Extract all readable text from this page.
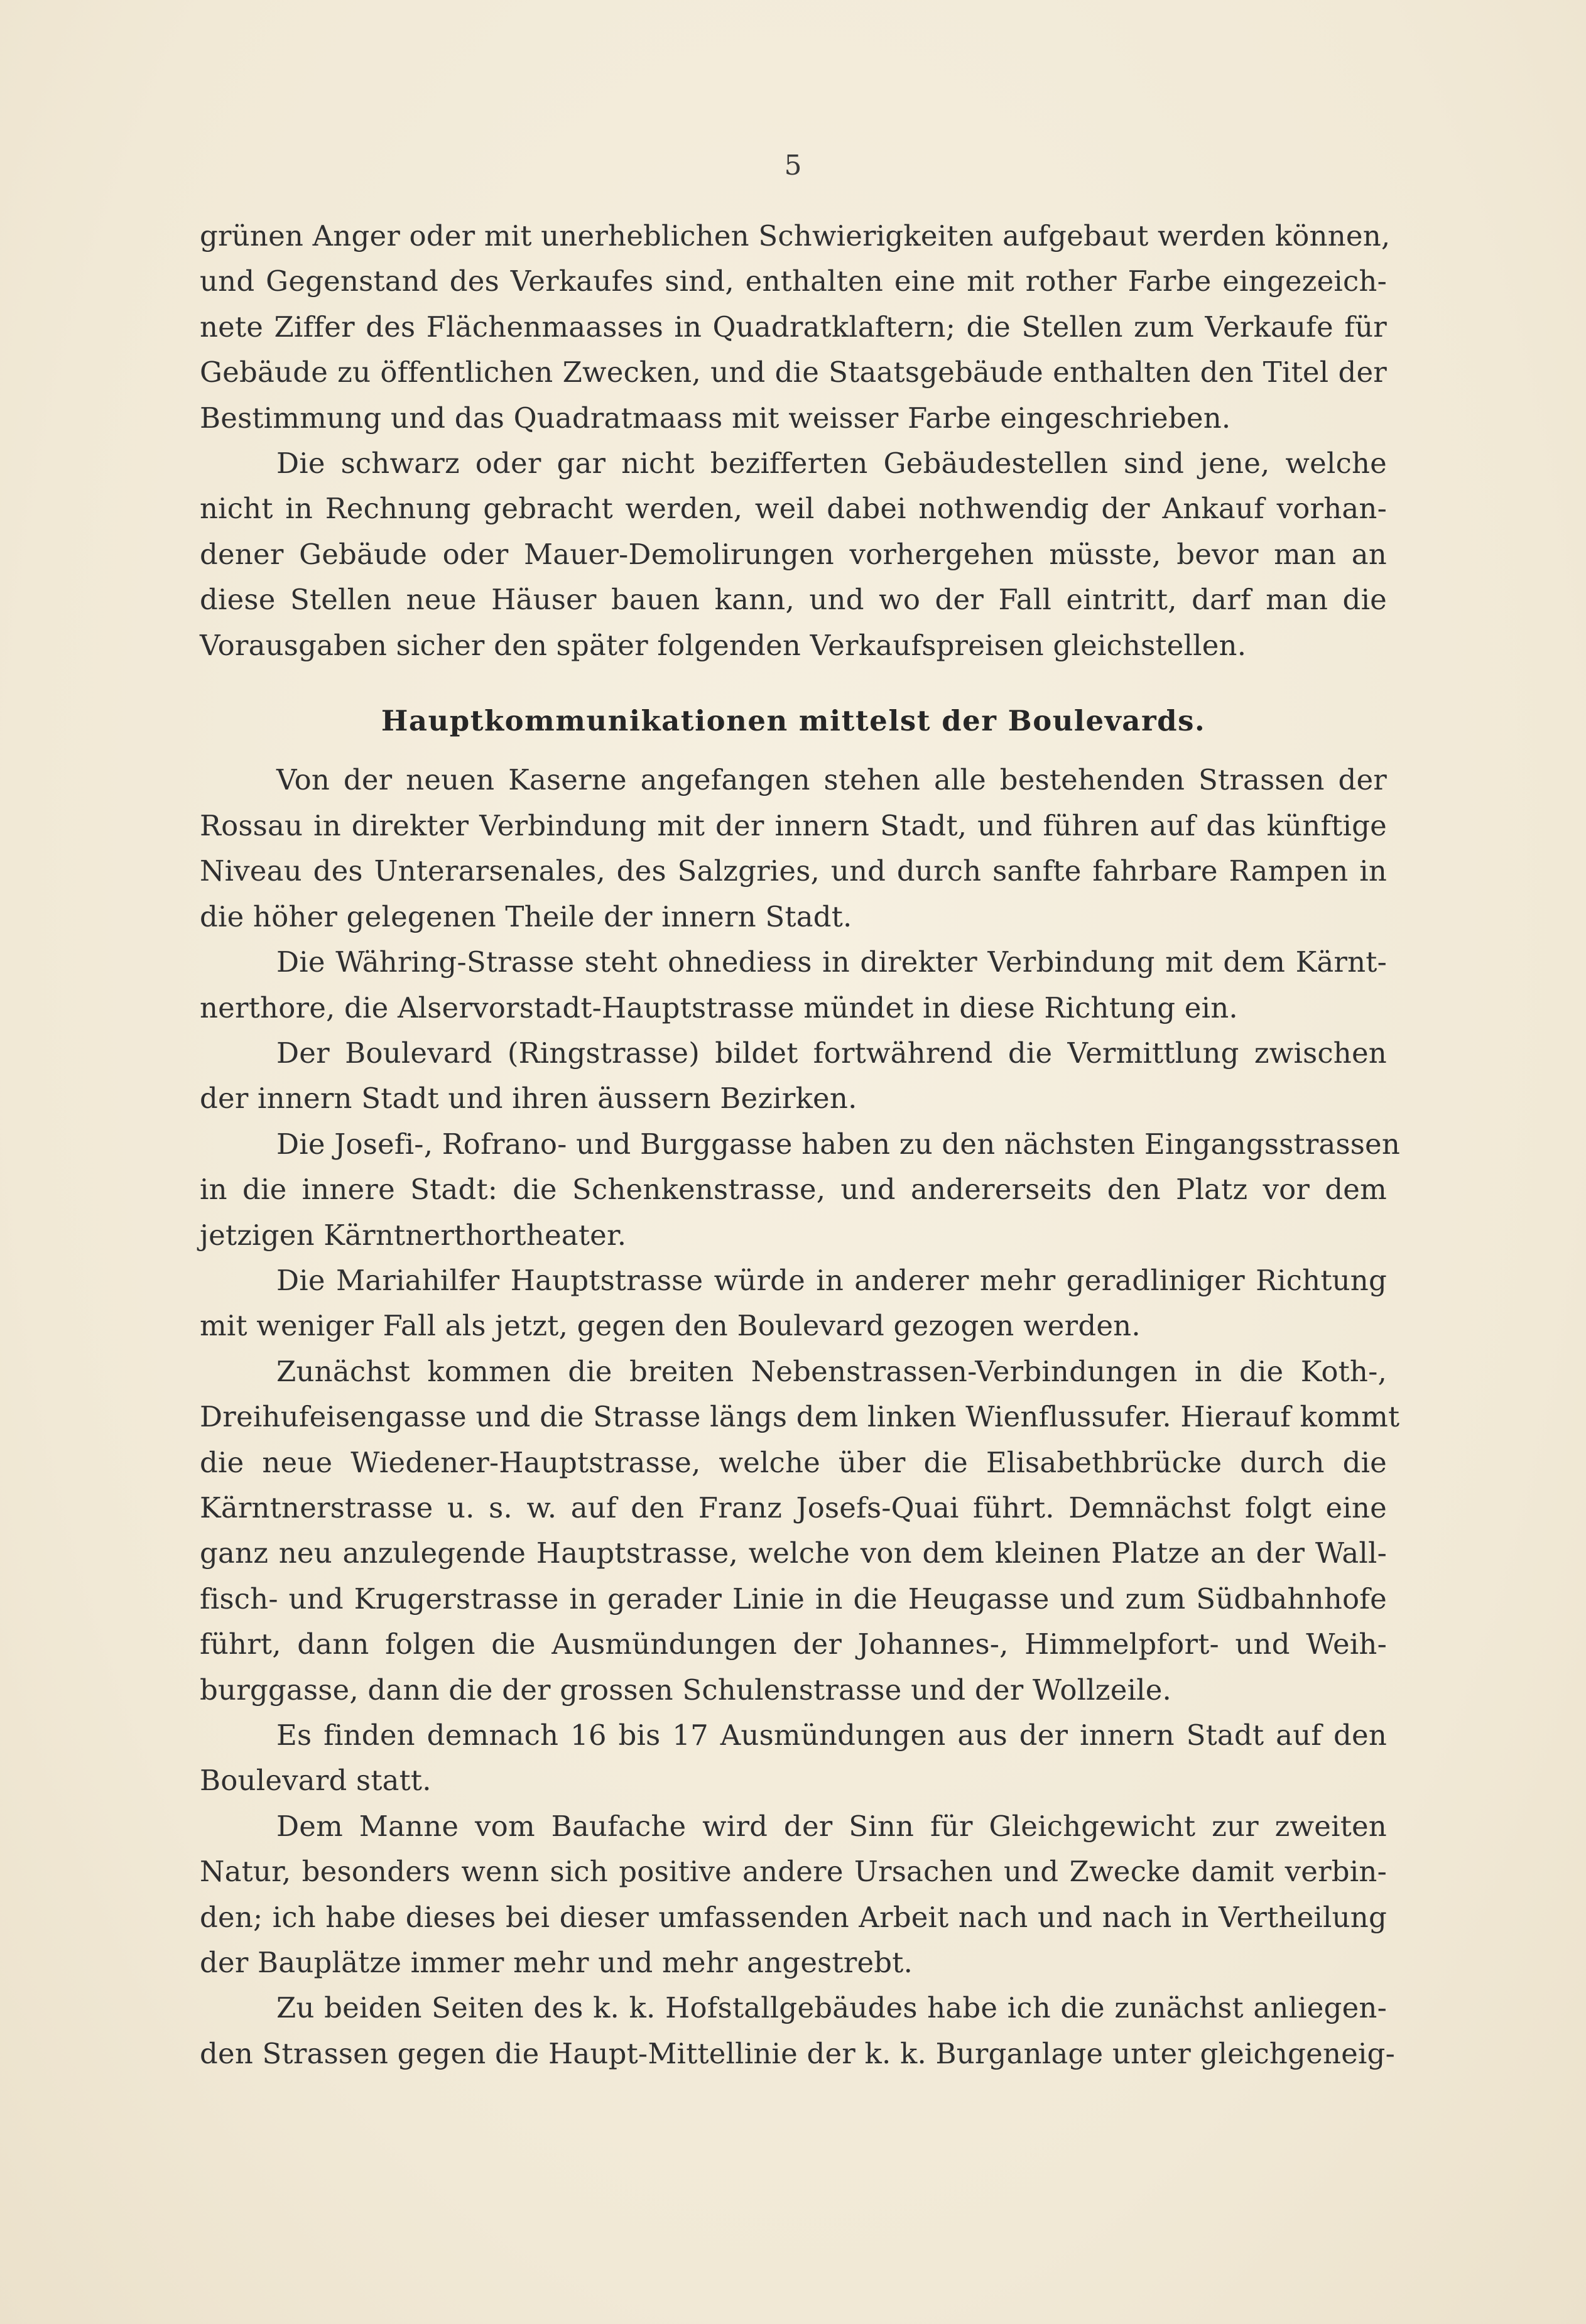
5
grünen Anger oder mit unerheblichen Schwierigkeiten aufgebaut werden können,
und Gegenstand des Verkaufes sind, enthalten eine mit rother Farbe eingezeich-
nete Ziffer des Flächenmaasses in Quadratklaftern; die Stellen zum Verkaufe für
Gebäude zu öffentlichen Zwecken, und die Staatsgebäude enthalten den Titel der
Bestimmung und das Quadratmaass mit weisser Farbe eingeschrieben.
Die schwarz oder gar nicht bezifferten Gebäudestellen sind jene, welche
nicht in Rechnung gebracht werden, weil dabei nothwendig der Ankauf vorhan-
dener Gebäude oder Mauer-Demolirungen vorhergehen müsste, bevor man an
diese Stellen neue Häuser bauen kann, und wo der Fall eintritt, darf man die
Vorausgaben sicher den später folgenden Verkaufspreisen gleichstellen.
Hauptkommunikationen mittelst der Boulevards.
Von der neuen Kaserne angefangen stehen alle bestehenden Strassen der
Rossau in direkter Verbindung mit der innern Stadt, und führen auf das künftige
Niveau des Unterarsenales, des Salzgries, und durch sanfte fahrbare Rampen in
die höher gelegenen Theile der innern Stadt.
Die Währing-Strasse steht ohnediess in direkter Verbindung mit dem Kärnt-
nerthore, die Alservorstadt-Hauptstrasse mündet in diese Richtung ein.
Der Boulevard (Ringstrasse) bildet fortwährend die Vermittlung zwischen
der innern Stadt und ihren äussern Bezirken.
Die Josefi-, Rofrano- und Burggasse haben zu den nächsten Eingangsstrassen
in die innere Stadt: die Schenkenstrasse, und andererseits den Platz vor dem
jetzigen Kärntnerthortheater.
Die Mariahilfer Hauptstrasse würde in anderer mehr geradliniger Richtung
mit weniger Fall als jetzt, gegen den Boulevard gezogen werden.
Zunächst kommen die breiten Nebenstrassen-Verbindungen in die Koth-,
Dreihufeisengasse und die Strasse längs dem linken Wienflussufer. Hierauf kommt
die neue Wiedener-Hauptstrasse, welche über die Elisabethbrücke durch die
Kärntnerstrasse u. s. w. auf den Franz Josefs-Quai führt. Demnächst folgt eine
ganz neu anzulegende Hauptstrasse, welche von dem kleinen Platze an der Wall-
fisch- und Krugerstrasse in gerader Linie in die Heugasse und zum Südbahnhofe
führt, dann folgen die Ausmündungen der Johannes-, Himmelpfort- und Weih-
burggasse, dann die der grossen Schulenstrasse und der Wollzeile.
Es finden demnach 16 bis 17 Ausmündungen aus der innern Stadt auf den
Boulevard statt.
Dem Manne vom Baufache wird der Sinn für Gleichgewicht zur zweiten
Natur, besonders wenn sich positive andere Ursachen und Zwecke damit verbin-
den; ich habe dieses bei dieser umfassenden Arbeit nach und nach in Vertheilung
der Bauplätze immer mehr und mehr angestrebt.
Zu beiden Seiten des k. k. Hofstallgebäudes habe ich die zunächst anliegen-
den Strassen gegen die Haupt-Mittellinie der k. k. Burganlage unter gleichgeneig-
